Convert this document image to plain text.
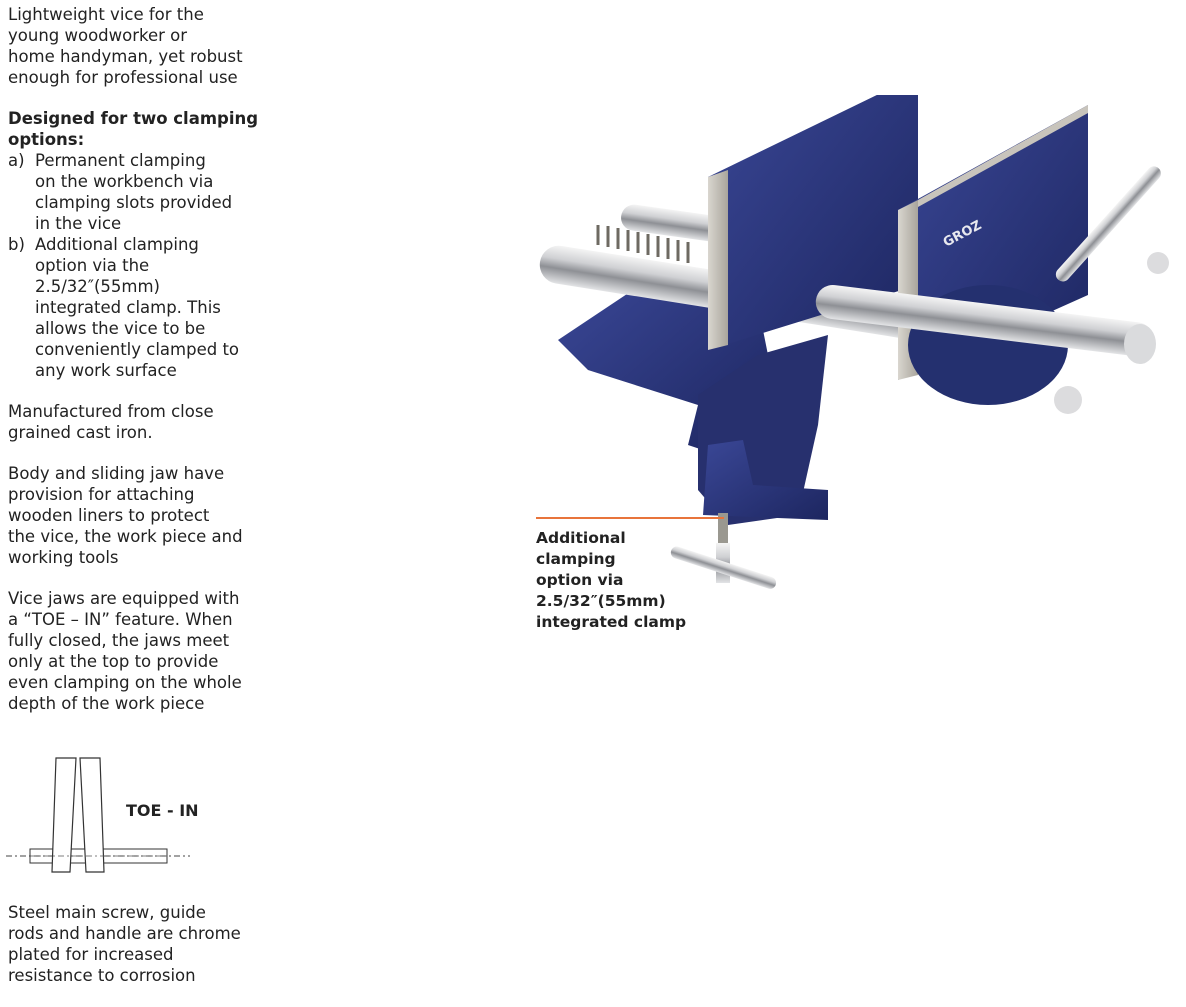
Lightweight vice for the

young woodworker or

home handyman, yet robust

enough for professional use

Designed for two clamping

options:

a) Permanent clamping

on the workbench via

clamping slots provided

in the vice

b) Additional clamping

option via the

2.5/32″(55mm)

integrated clamp. This

allows the vice to be

conveniently clamped to

any work surface

Manufactured from close

grained cast iron.

Body and sliding jaw have

provision for attaching

wooden liners to protect

the vice, the work piece and

working tools

Vice jaws are equipped with

a “TOE – IN” feature. When

fully closed, the jaws meet

only at the top to provide

even clamping on the whole

depth of the work piece

Steel main screw, guide

rods and handle are chrome

plated for increased

resistance to corrosion

TOE - IN
GROZ
Additional
clamping
option via
2.5/32″(55mm)
integrated clamp
